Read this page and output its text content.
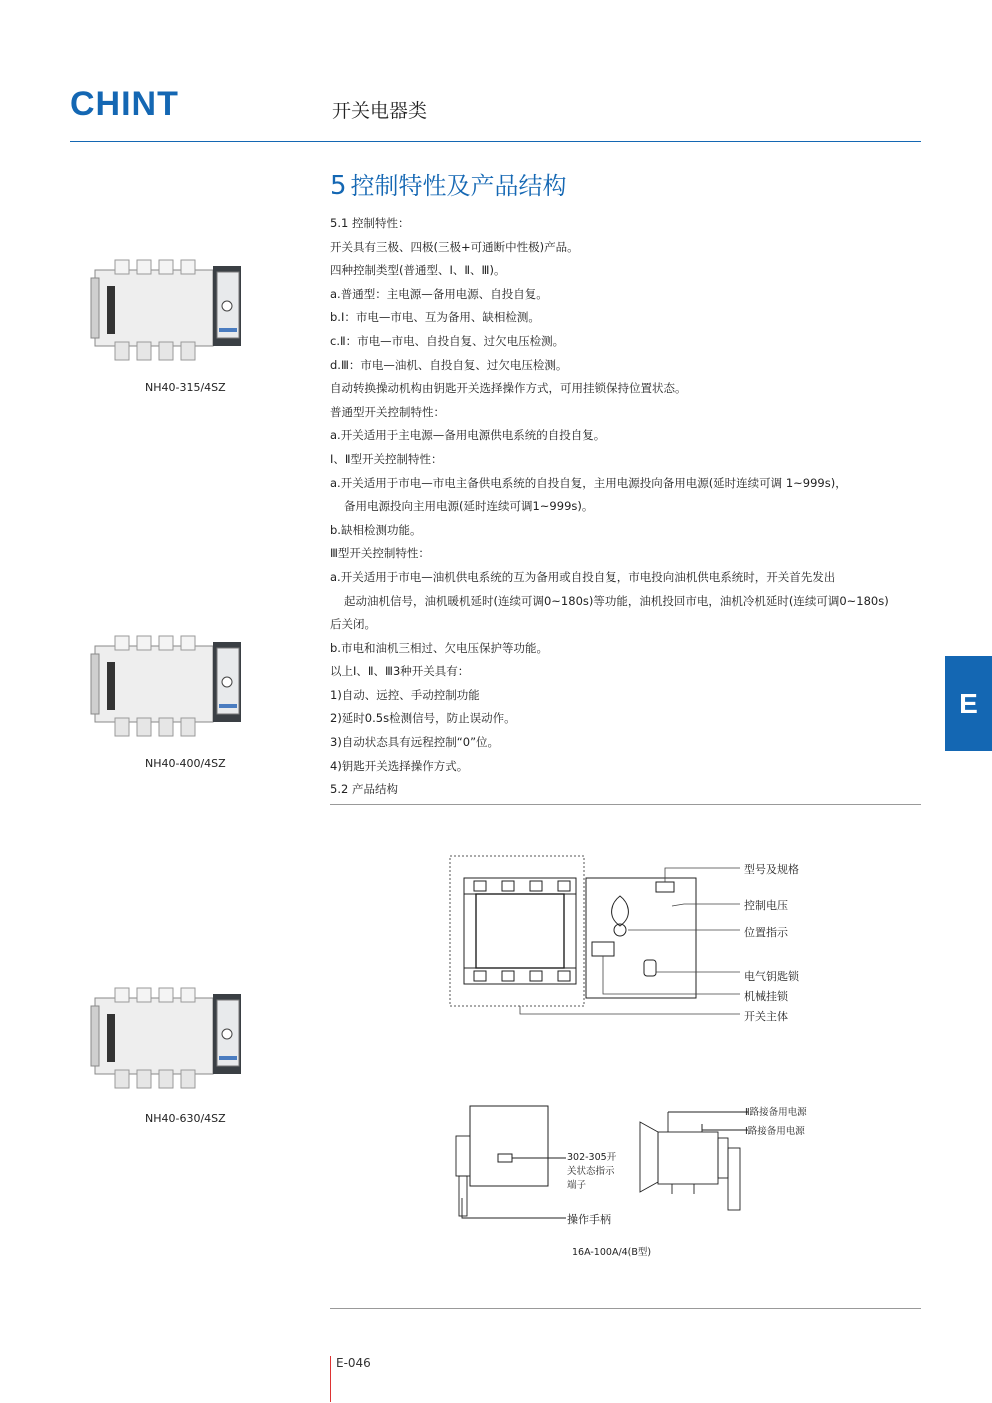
CHINT	开关电器类
5 控制特性及产品结构
5.1 控制特性：
开关具有三极、四极(三极+可通断中性极)产品。
四种控制类型(普通型、Ⅰ、Ⅱ、Ⅲ)。
a.普通型：主电源—备用电源、自投自复。
b.Ⅰ：市电—市电、互为备用、缺相检测。
c.Ⅱ：市电—市电、自投自复、过欠电压检测。
d.Ⅲ：市电—油机、自投自复、过欠电压检测。
自动转换操动机构由钥匙开关选择操作方式，可用挂锁保持位置状态。
普通型开关控制特性：
a.开关适用于主电源—备用电源供电系统的自投自复。
Ⅰ、Ⅱ型开关控制特性：
a.开关适用于市电—市电主备供电系统的自投自复，主用电源投向备用电源(延时连续可调 1~999s)，
备用电源投向主用电源(延时连续可调1~999s)。
b.缺相检测功能。
Ⅲ型开关控制特性：
a.开关适用于市电—油机供电系统的互为备用或自投自复，市电投向油机供电系统时，开关首先发出
起动油机信号，油机暖机延时(连续可调0~180s)等功能，油机投回市电，油机冷机延时(连续可调0~180s)
后关闭。
b.市电和油机三相过、欠电压保护等功能。
以上Ⅰ、Ⅱ、Ⅲ3种开关具有：
1)自动、远控、手动控制功能
2)延时0.5s检测信号，防止误动作。
3)自动状态具有远程控制“0”位。
4)钥匙开关选择操作方式。
5.2 产品结构
E
NH40-315/4SZ
NH40-400/4SZ
NH40-630/4SZ
型号及规格
控制电压
位置指示
电气钥匙锁
机械挂锁
开关主体
Ⅱ路接备用电源
Ⅰ路接备用电源
302-305开
关状态指示
端子
操作手柄
16A-100A/4(B型)
E-046
